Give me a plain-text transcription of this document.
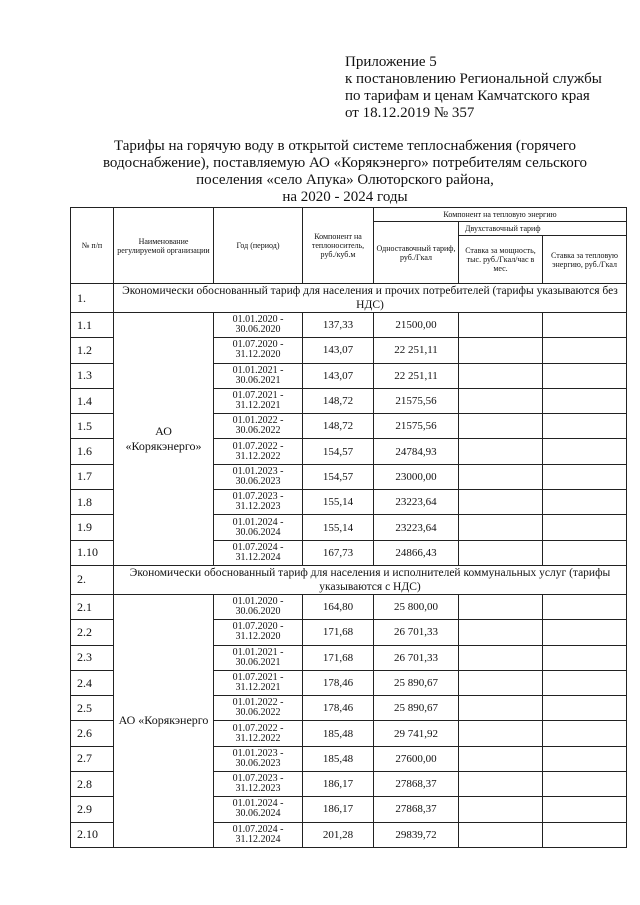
Приложение 5
к постановлению Региональной службы
по тарифам и ценам Камчатского края
от 18.12.2019 № 357
Тарифы на горячую воду в открытой системе теплоснабжения (горячего
водоснабжение), поставляемую АО «Корякэнерго» потребителям сельского
поселения «село Апука» Олюторского района,
на 2020 - 2024 годы
№ п/п	Наименование регулируемой организации	Год (период)	Компонент на теплоноситель, руб./куб.м	Компонент на тепловую энергию		
				Одноставочный тариф, руб./Гкал	Двухставочный тариф	
					Ставка за мощность, тыс. руб./Гкал/час в мес.	Ставка за тепловую энергию, руб./Гкал
1.	Экономически обоснованный тариф для населения и прочих потребителей (тарифы указываются без НДС)					
1.1	АО «Корякэнерго»	01.01.2020 - 30.06.2020	137,33	21500,00		
1.2		01.07.2020 - 31.12.2020	143,07	22 251,11		
1.3		01.01.2021 - 30.06.2021	143,07	22 251,11		
1.4		01.07.2021 - 31.12.2021	148,72	21575,56		
1.5		01.01.2022 - 30.06.2022	148,72	21575,56		
1.6		01.07.2022 - 31.12.2022	154,57	24784,93		
1.7		01.01.2023 - 30.06.2023	154,57	23000,00		
1.8		01.07.2023 - 31.12.2023	155,14	23223,64		
1.9		01.01.2024 - 30.06.2024	155,14	23223,64		
1.10		01.07.2024 - 31.12.2024	167,73	24866,43		
2.	Экономически обоснованный тариф для населения и исполнителей коммунальных услуг (тарифы указываются с НДС)					
2.1	АО «Корякэнерго	01.01.2020 - 30.06.2020	164,80	25 800,00		
2.2		01.07.2020 - 31.12.2020	171,68	26 701,33		
2.3		01.01.2021 - 30.06.2021	171,68	26 701,33		
2.4		01.07.2021 - 31.12.2021	178,46	25 890,67		
2.5		01.01.2022 - 30.06.2022	178,46	25 890,67		
2.6		01.07.2022 - 31.12.2022	185,48	29 741,92		
2.7		01.01.2023 - 30.06.2023	185,48	27600,00		
2.8		01.07.2023 - 31.12.2023	186,17	27868,37		
2.9		01.01.2024 - 30.06.2024	186,17	27868,37		
2.10		01.07.2024 - 31.12.2024	201,28	29839,72		
